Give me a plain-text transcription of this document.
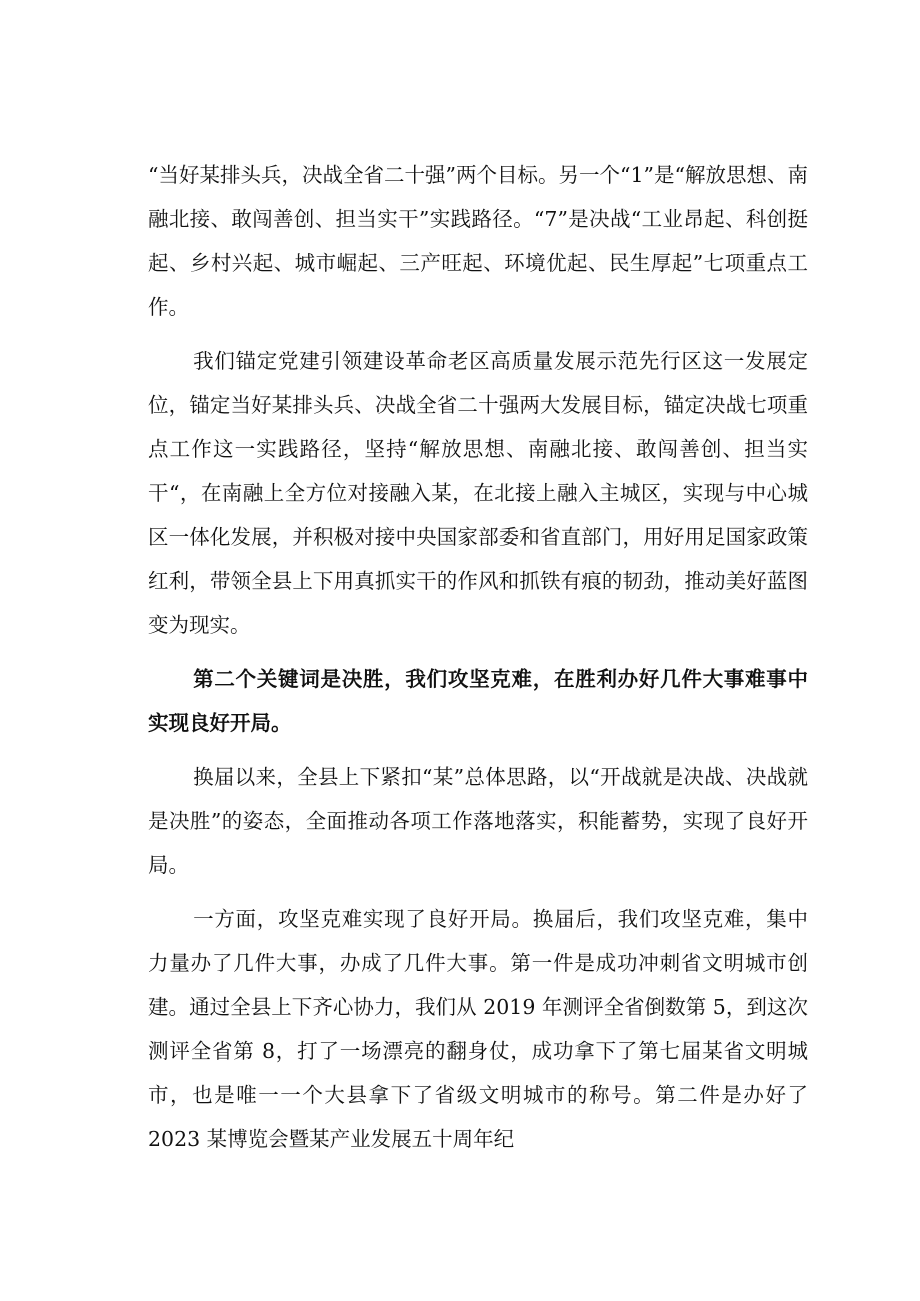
“当好某排头兵，决战全省二十强”两个目标。另一个“1”是“解放思想、南融北接、敢闯善创、担当实干”实践路径。“7”是决战“工业昂起、科创挺起、乡村兴起、城市崛起、三产旺起、环境优起、民生厚起”七项重点工作。

我们锚定党建引领建设革命老区高质量发展示范先行区这一发展定位，锚定当好某排头兵、决战全省二十强两大发展目标，锚定决战七项重点工作这一实践路径，坚持“解放思想、南融北接、敢闯善创、担当实干“，在南融上全方位对接融入某，在北接上融入主城区，实现与中心城区一体化发展，并积极对接中央国家部委和省直部门，用好用足国家政策红利，带领全县上下用真抓实干的作风和抓铁有痕的韧劲，推动美好蓝图变为现实。

第二个关键词是决胜，我们攻坚克难，在胜利办好几件大事难事中实现良好开局。

换届以来，全县上下紧扣“某”总体思路，以“开战就是决战、决战就是决胜”的姿态，全面推动各项工作落地落实，积能蓄势，实现了良好开局。

一方面，攻坚克难实现了良好开局。换届后，我们攻坚克难，集中力量办了几件大事，办成了几件大事。第一件是成功冲刺省文明城市创建。通过全县上下齐心协力，我们从 2019 年测评全省倒数第 5，到这次测评全省第 8，打了一场漂亮的翻身仗，成功拿下了第七届某省文明城市，也是唯一一个大县拿下了省级文明城市的称号。第二件是办好了 2023 某博览会暨某产业发展五十周年纪
